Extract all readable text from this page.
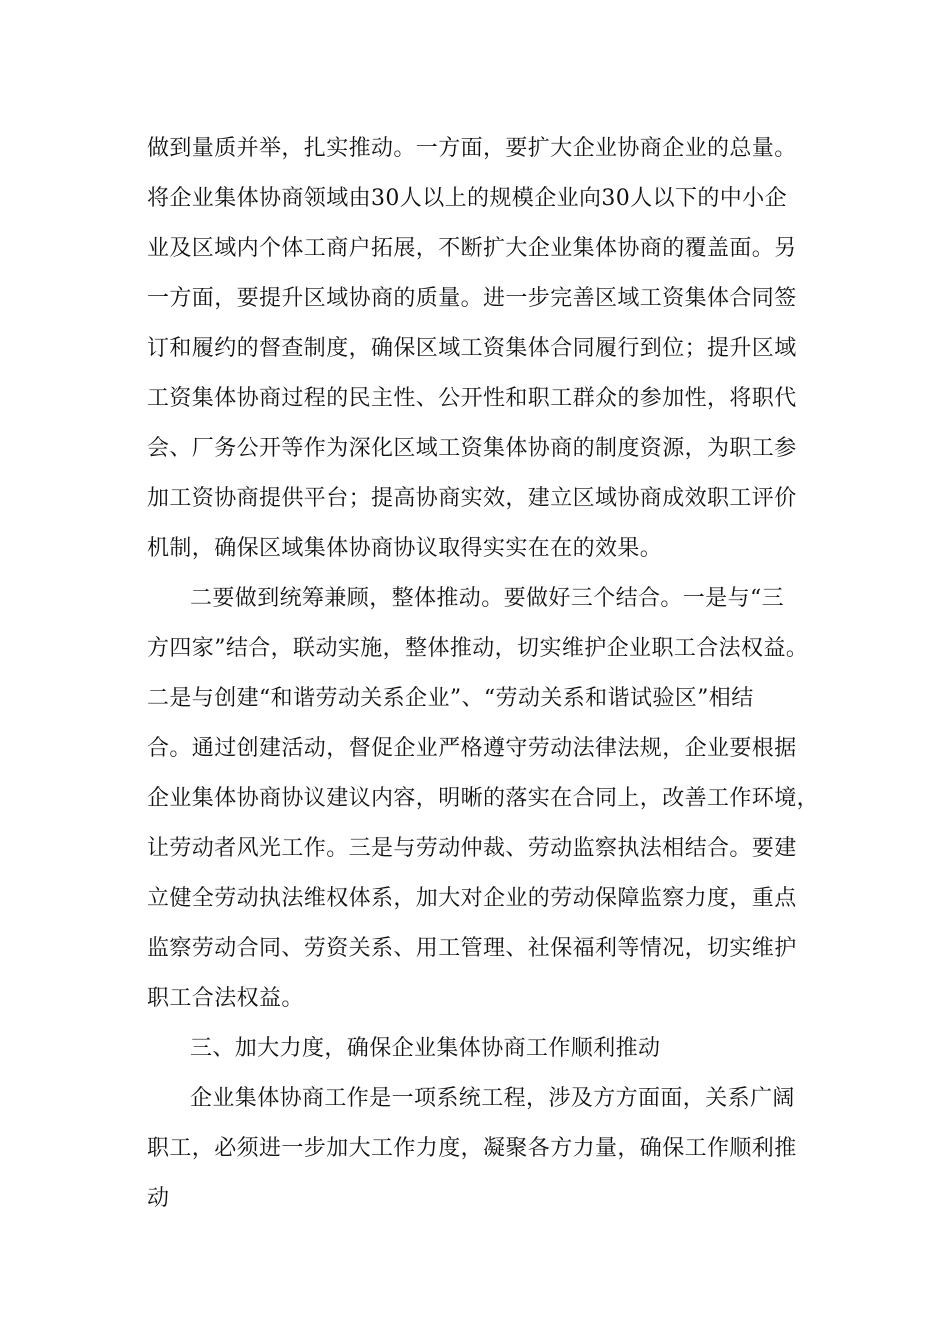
做到量质并举，扎实推动。一方面，要扩大企业协商企业的总量。
将企业集体协商领域由30人以上的规模企业向30人以下的中小企
业及区域内个体工商户拓展，不断扩大企业集体协商的覆盖面。另
一方面，要提升区域协商的质量。进一步完善区域工资集体合同签
订和履约的督查制度，确保区域工资集体合同履行到位；提升区域
工资集体协商过程的民主性、公开性和职工群众的参加性，将职代
会、厂务公开等作为深化区域工资集体协商的制度资源，为职工参
加工资协商提供平台；提高协商实效，建立区域协商成效职工评价
机制，确保区域集体协商协议取得实实在在的效果。
二要做到统筹兼顾，整体推动。要做好三个结合。一是与“三
方四家”结合，联动实施，整体推动，切实维护企业职工合法权益。
二是与创建“和谐劳动关系企业”、“劳动关系和谐试验区”相结
合。通过创建活动，督促企业严格遵守劳动法律法规，企业要根据
企业集体协商协议建议内容，明晰的落实在合同上，改善工作环境，
让劳动者风光工作。三是与劳动仲裁、劳动监察执法相结合。要建
立健全劳动执法维权体系，加大对企业的劳动保障监察力度，重点
监察劳动合同、劳资关系、用工管理、社保福利等情况，切实维护
职工合法权益。
三、加大力度，确保企业集体协商工作顺利推动
企业集体协商工作是一项系统工程，涉及方方面面，关系广阔
职工，必须进一步加大工作力度，凝聚各方力量，确保工作顺利推
动
